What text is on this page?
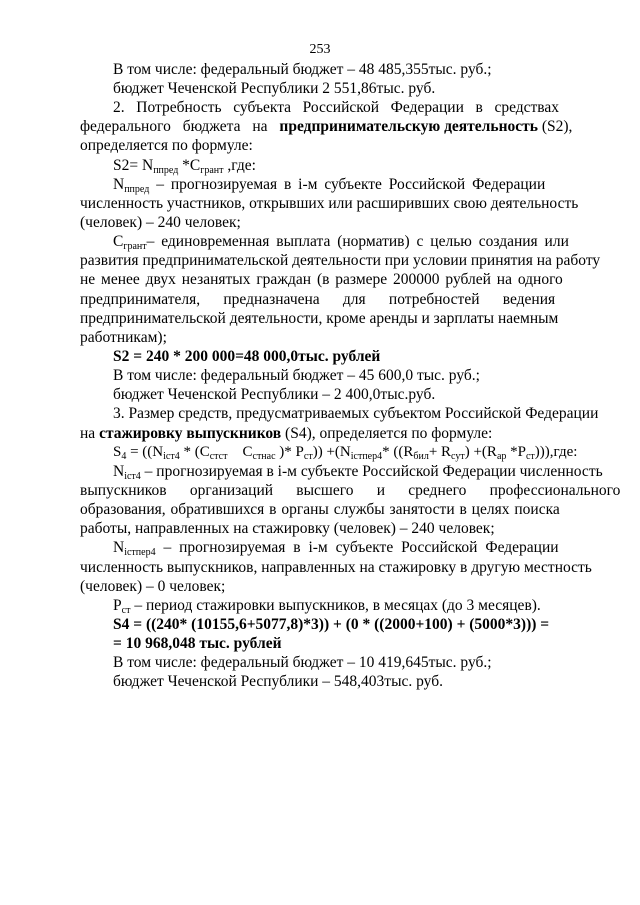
253
В том числе: федеральный бюджет – 48 485,355тыс. руб.;
бюджет Чеченской Республики 2 551,86тыс. руб.
2.   Потребность   субъекта   Российской   Федерации   в   средствах
федерального бюджета на предпринимательскую деятельность (S2),
определяется по формуле:
$S2= N_{ппред}$ $*С_{грант}$ ,где:
$N_{ппред}$ – прогнозируемая в i-м субъекте Российской Федерации
численность участников, открывших или расширивших свою деятельность
(человек) – 240 человек;
$С_{грант}-$ единовременная выплата (норматив) с целью создания или
развития предпринимательской деятельности при условии принятия на работу
не менее двух незанятых граждан (в размере 200000 рублей на одного
предпринимателя,      предназначена      для      потребностей      ведения
предпринимательской деятельности, кроме аренды и зарплаты наемным
работникам);
S2 = 240 * 200 000=48 000,0тыс. рублей
В том числе: федеральный бюджет – 45 600,0 тыс. руб.;
бюджет Чеченской Республики – 2 400,0тыс.руб.
3. Размер средств, предусматриваемых субъектом Российской Федерации
на стажировку выпускников (S4), определяется по формуле:
$S_4 = ((N_{iст4} * (С_{стст}$    $С_{стнас}$ )* $Р_{ст})) +(N_{iстпер4}*$ ($(R_{бил}+ R_{сут}) +(R_{ар}$ $*Р_{ст}))),где$:
$N_{iст4}$ – прогнозируемая в i-м субъекте Российской Федерации численность
выпускников      организаций      высшего      и      среднего      профессионального
образования, обратившихся в органы службы занятости в целях поиска
работы, направленных на стажировку (человек) – 240 человек;
$N_{iстпер4}$ – прогнозируемая в i-м субъекте Российской Федерации
численность выпускников, направленных на стажировку в другую местность
(человек) – 0 человек;
$Р_{ст}$ – период стажировки выпускников, в месяцах (до 3 месяцев).
S4 = ((240* (10155,6+5077,8)*3)) + (0 * ((2000+100) + (5000*3))) =
= 10 968,048 тыс. рублей
В том числе: федеральный бюджет – 10 419,645тыс. руб.;
бюджет Чеченской Республики – 548,403тыс. руб.
